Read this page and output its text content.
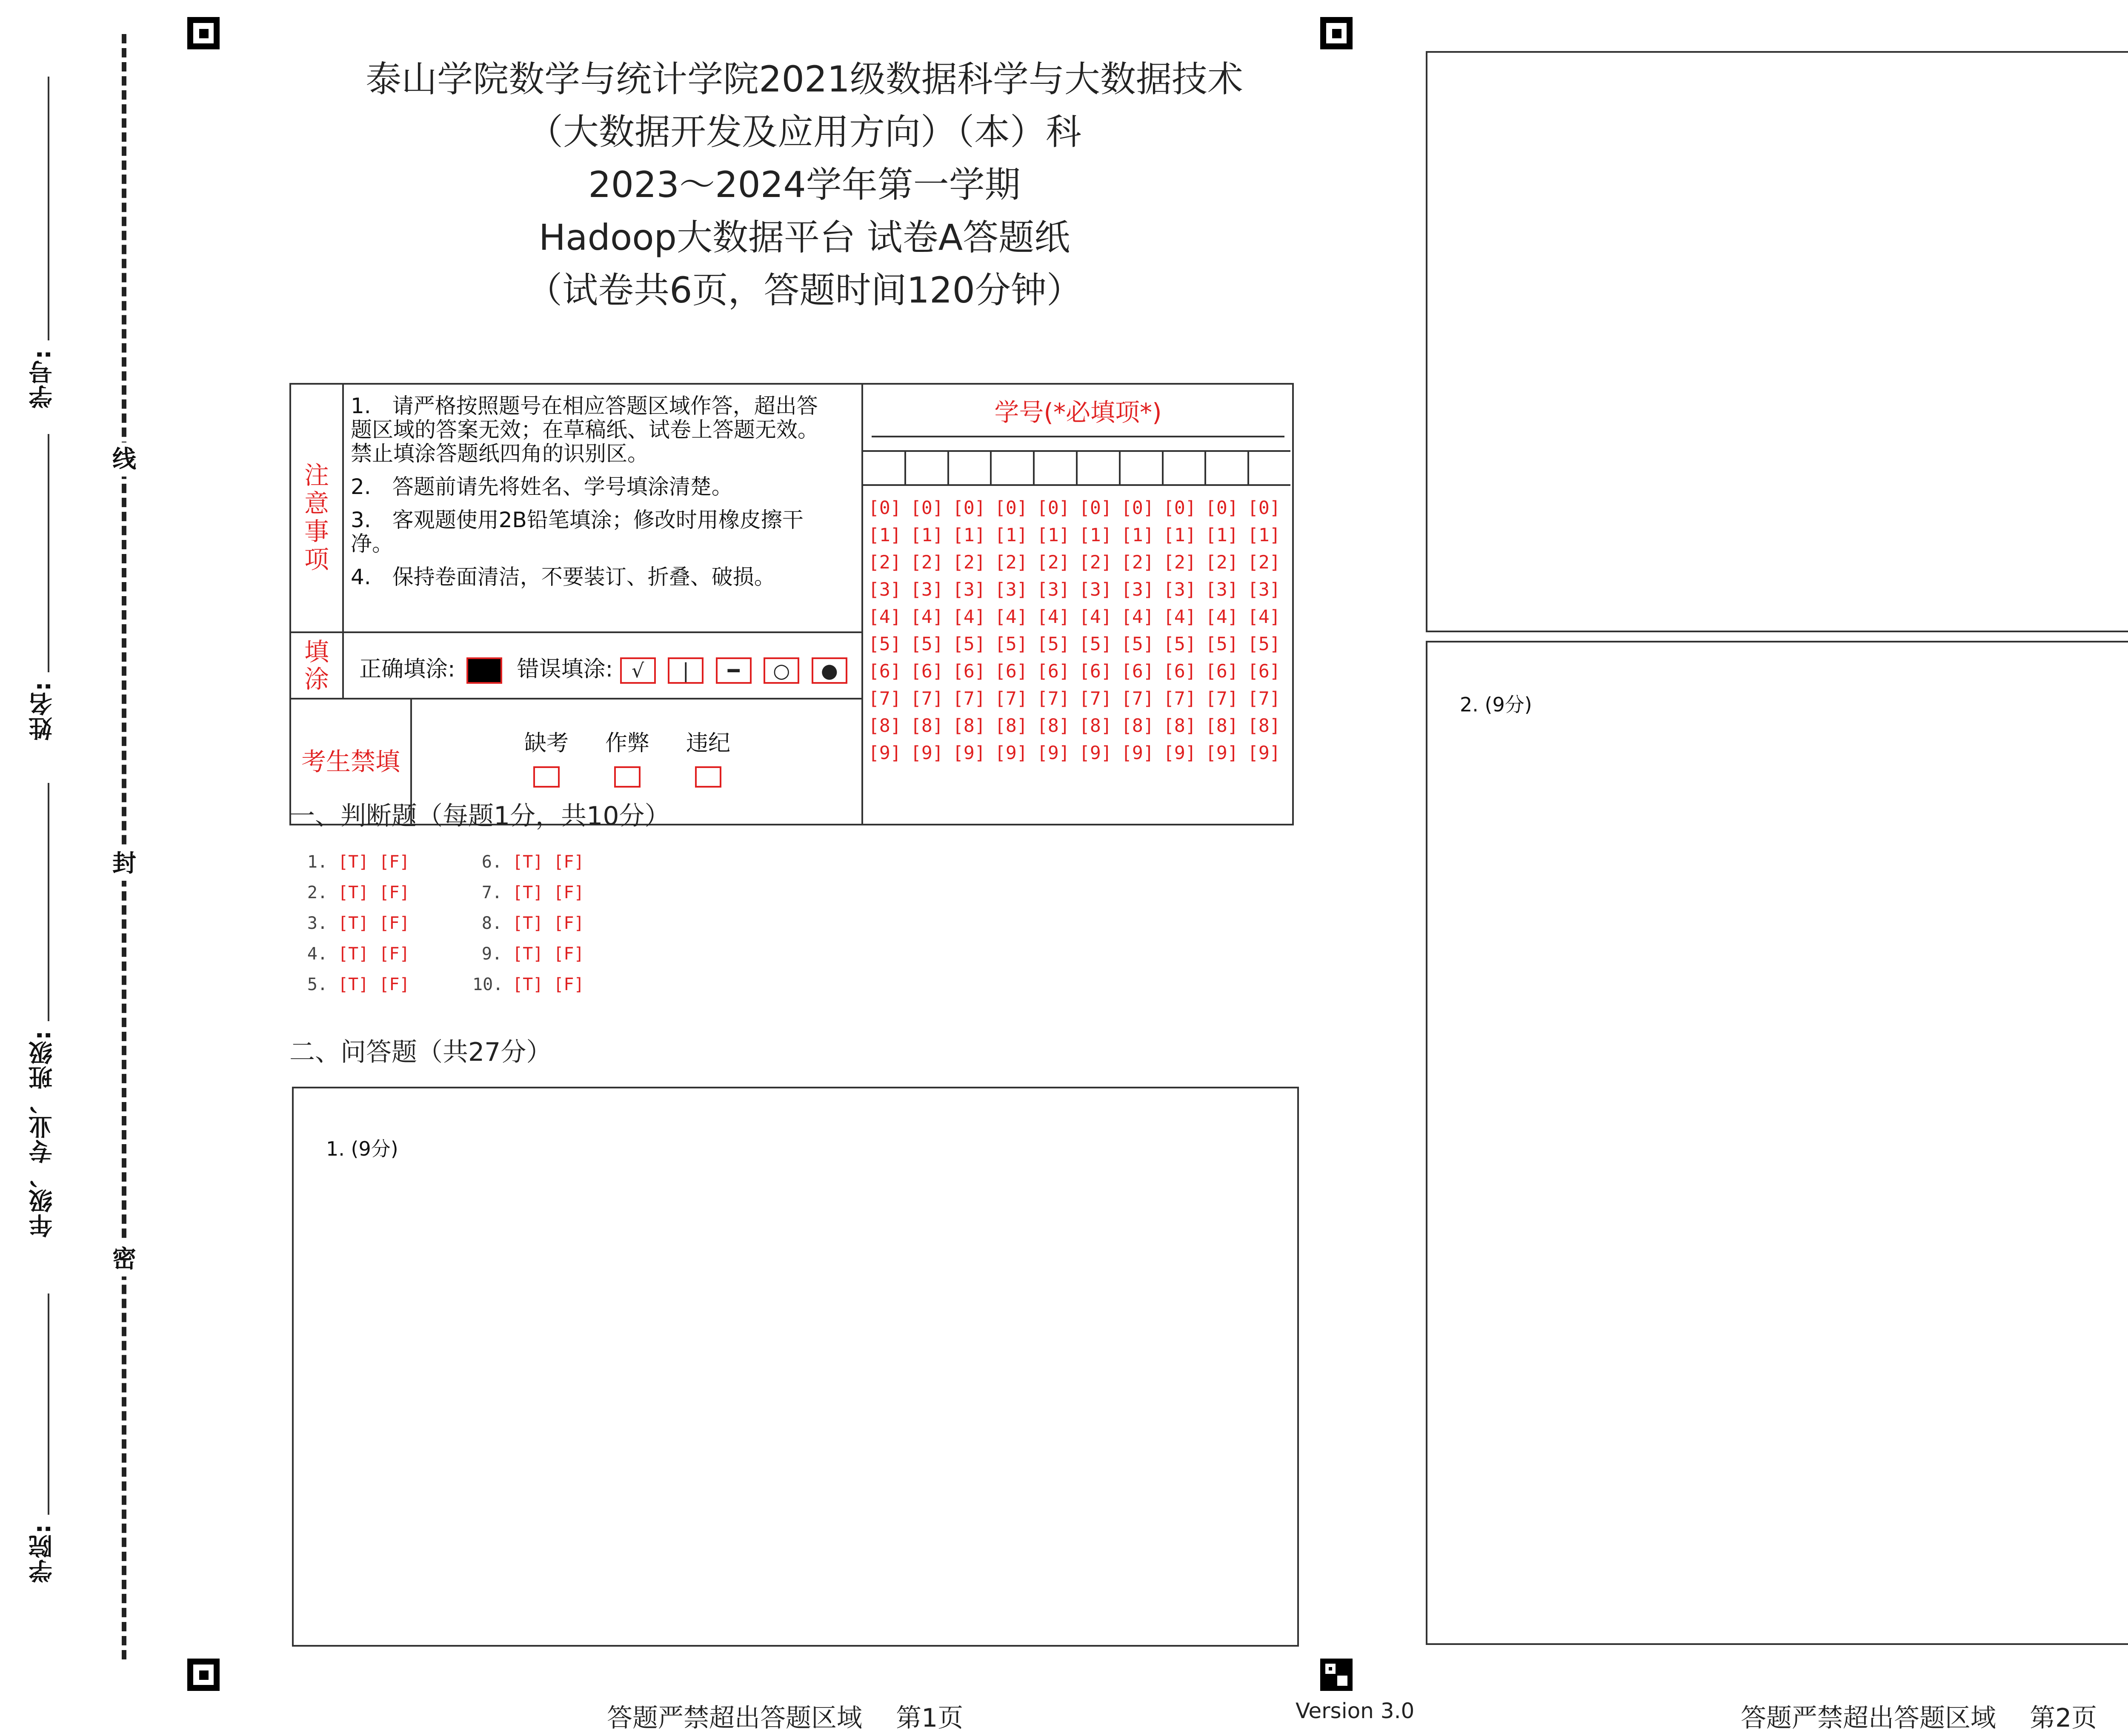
线
封
密
学号:
姓名:
年级、专业、班级:
学院:
泰山学院数学与统计学院2021级数据科学与大数据技术
（大数据开发及应用方向）（本）科
2023～2024学年第一学期
Hadoop大数据平台 试卷A答题纸
（试卷共6页，答题时间120分钟）
注意事项

1.　请严格按照题号在相应答题区域作答，超出答题区域的答案无效；在草稿纸、试卷上答题无效。禁止填涂答题纸四角的识别区。

2.　答题前请先将姓名、学号填涂清楚。

3.　客观题使用2B铅笔填涂；修改时用橡皮擦干净。

4.　保持卷面清洁，不要装订、折叠、破损。

填涂 正确填涂:	错误填涂: √ | ━ ○ ●
考生禁填
缺考	作弊	违纪
学号(*必填项*)
[0] [0] [0] [0] [0] [0] [0] [0] [0] [0]
[1] [1] [1] [1] [1] [1] [1] [1] [1] [1]
[2] [2] [2] [2] [2] [2] [2] [2] [2] [2]
[3] [3] [3] [3] [3] [3] [3] [3] [3] [3]
[4] [4] [4] [4] [4] [4] [4] [4] [4] [4]
[5] [5] [5] [5] [5] [5] [5] [5] [5] [5]
[6] [6] [6] [6] [6] [6] [6] [6] [6] [6]
[7] [7] [7] [7] [7] [7] [7] [7] [7] [7]
[8] [8] [8] [8] [8] [8] [8] [8] [8] [8]
[9] [9] [9] [9] [9] [9] [9] [9] [9] [9]
一、判断题（每题1分，共10分）
1. [T] [F]
2. [T] [F]
3. [T] [F]
4. [T] [F]
5. [T] [F]
6. [T] [F]
7. [T] [F]
8. [T] [F]
9. [T] [F]
10. [T] [F]
二、问答题（共27分）
1. (9分)
2. (9分)
答题严禁超出答题区域　 第1页	Version 3.0	答题严禁超出答题区域　 第2页
